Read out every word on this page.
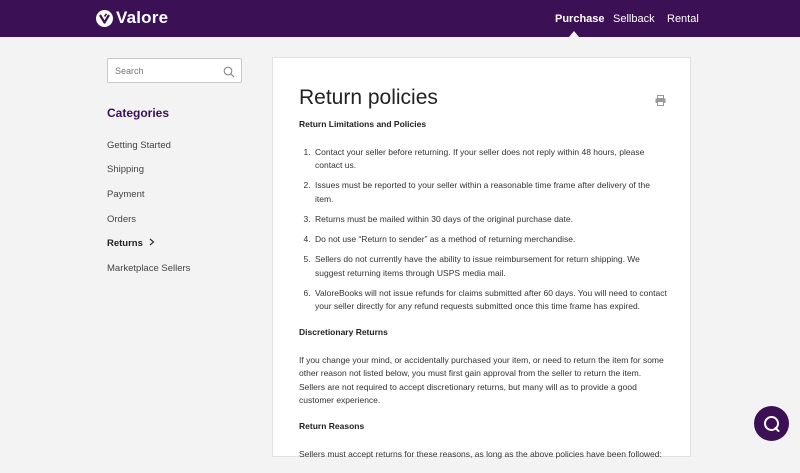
Valore	Purchase Sellback Rental
Search
Categories
Getting Started
Shipping
Payment
Orders
Returns
Marketplace Sellers
Return policies
Return Limitations and Policies
1. Contact your seller before returning. If your seller does not reply within 48 hours, please contact us.
2. Issues must be reported to your seller within a reasonable time frame after delivery of the item.
3. Returns must be mailed within 30 days of the original purchase date.
4. Do not use “Return to sender” as a method of returning merchandise.
5. Sellers do not currently have the ability to issue reimbursement for return shipping. We suggest returning items through USPS media mail.
6. ValoreBooks will not issue refunds for claims submitted after 60 days. You will need to contact your seller directly for any refund requests submitted once this time frame has expired.
Discretionary Returns

If you change your mind, or accidentally purchased your item, or need to return the item for some other reason not listed below, you must first gain approval from the seller to return the item. Sellers are not required to accept discretionary returns, but many will as to provide a good customer experience.

Return Reasons

Sellers must accept returns for these reasons, as long as the above policies have been followed:
